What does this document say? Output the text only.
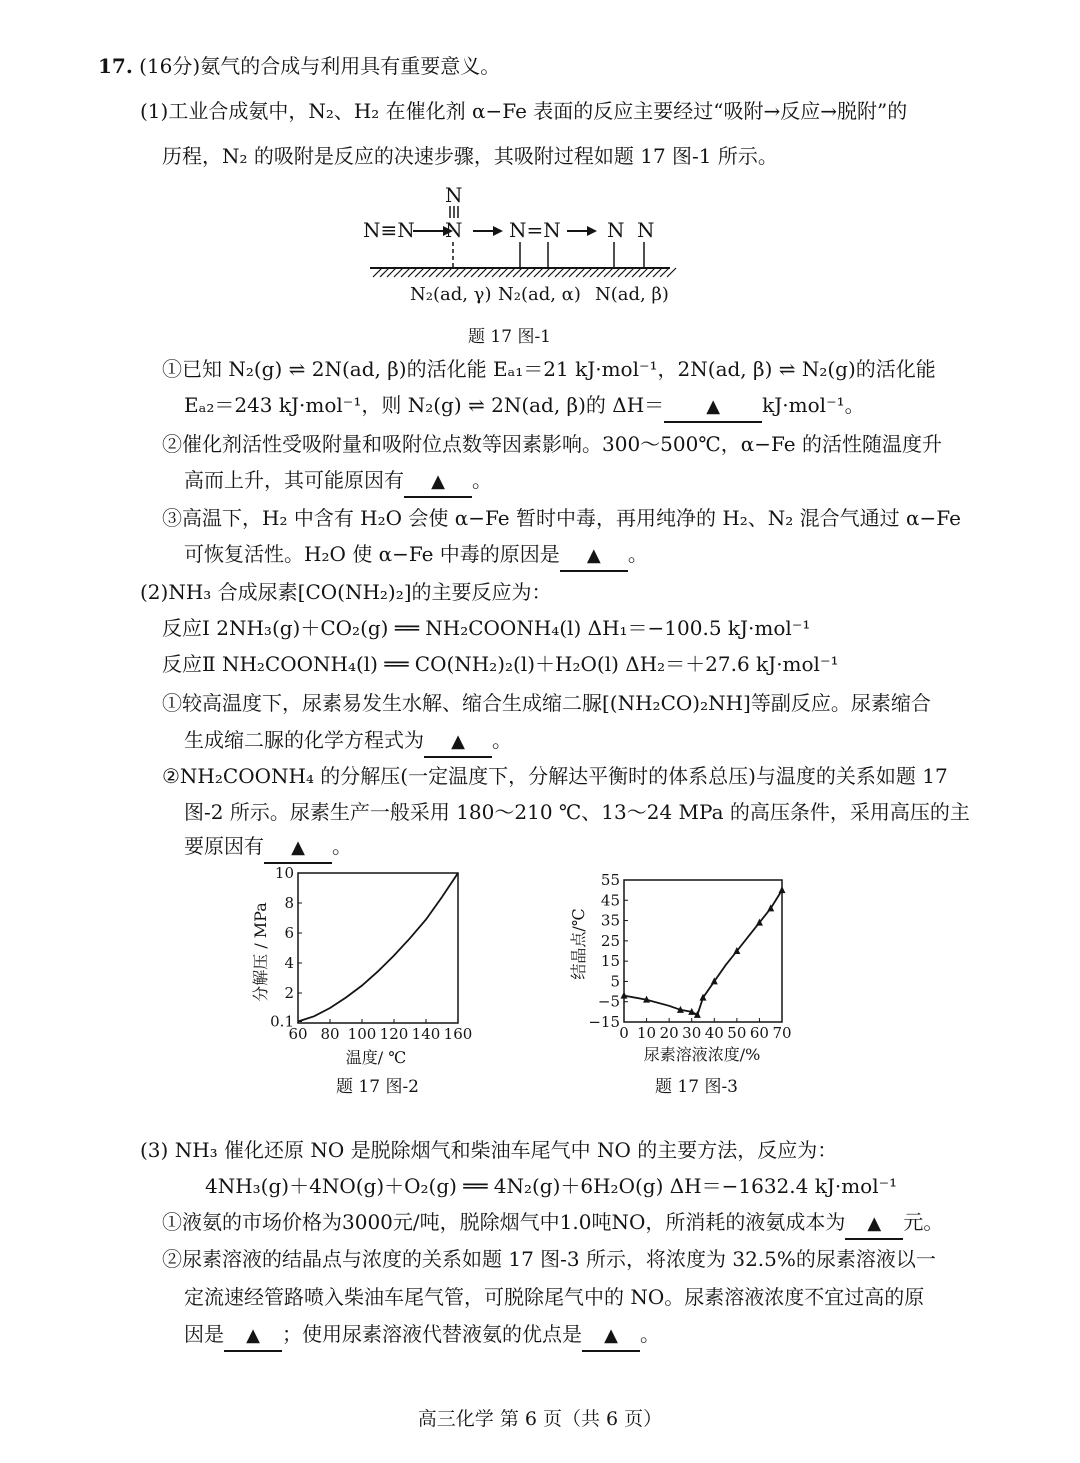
17. (16分)氨气的合成与利用具有重要意义。
(1)工业合成氨中，N₂、H₂ 在催化剂 α−Fe 表面的反应主要经过“吸附→反应→脱附”的
历程，N₂ 的吸附是反应的决速步骤，其吸附过程如题 17 图-1 所示。
N≡N
N
N N=N N N
N₂(ad, γ) N₂(ad, α) N(ad, β)
题 17 图-1
①已知 N₂(g) ⇌ 2N(ad, β)的活化能 Eₐ₁＝21 kJ·mol⁻¹，2N(ad, β) ⇌ N₂(g)的活化能
Eₐ₂＝243 kJ·mol⁻¹，则 N₂(g) ⇌ 2N(ad, β)的 ΔH＝ ▲ kJ·mol⁻¹。
②催化剂活性受吸附量和吸附位点数等因素影响。300～500℃，α−Fe 的活性随温度升
高而上升，其可能原因有 ▲ 。
③高温下，H₂ 中含有 H₂O 会使 α−Fe 暂时中毒，再用纯净的 H₂、N₂ 混合气通过 α−Fe
可恢复活性。H₂O 使 α−Fe 中毒的原因是 ▲ 。
(2)NH₃ 合成尿素[CO(NH₂)₂]的主要反应为：
反应Ⅰ 2NH₃(g)＋CO₂(g) ══ NH₂COONH₄(l) ΔH₁＝−100.5 kJ·mol⁻¹
反应Ⅱ NH₂COONH₄(l) ══ CO(NH₂)₂(l)＋H₂O(l) ΔH₂＝＋27.6 kJ·mol⁻¹
①较高温度下，尿素易发生水解、缩合生成缩二脲[(NH₂CO)₂NH]等副反应。尿素缩合
生成缩二脲的化学方程式为 ▲ 。
②NH₂COONH₄ 的分解压(一定温度下，分解达平衡时的体系总压)与温度的关系如题 17
图-2 所示。尿素生产一般采用 180～210 ℃、13～24 MPa 的高压条件，采用高压的主
要原因有 ▲ 。
分解压 / MPa
温度/ ℃
60 80 100 120 140 160
0.1
2
4
6
8
10
题 17 图-2
结晶点/℃
尿素溶液浓度/%
0 10 20 30 40 50 60 70
−15
−5
5
15
25
35
45
55
题 17 图-3
(3) NH₃ 催化还原 NO 是脱除烟气和柴油车尾气中 NO 的主要方法，反应为：
4NH₃(g)＋4NO(g)＋O₂(g) ══ 4N₂(g)＋6H₂O(g) ΔH＝−1632.4 kJ·mol⁻¹
①液氨的市场价格为3000元/吨，脱除烟气中1.0吨NO，所消耗的液氨成本为 ▲ 元。
②尿素溶液的结晶点与浓度的关系如题 17 图-3 所示，将浓度为 32.5%的尿素溶液以一
定流速经管路喷入柴油车尾气管，可脱除尾气中的 NO。尿素溶液浓度不宜过高的原
因是 ▲ ；使用尿素溶液代替液氨的优点是 ▲ 。
高三化学 第 6 页（共 6 页）
